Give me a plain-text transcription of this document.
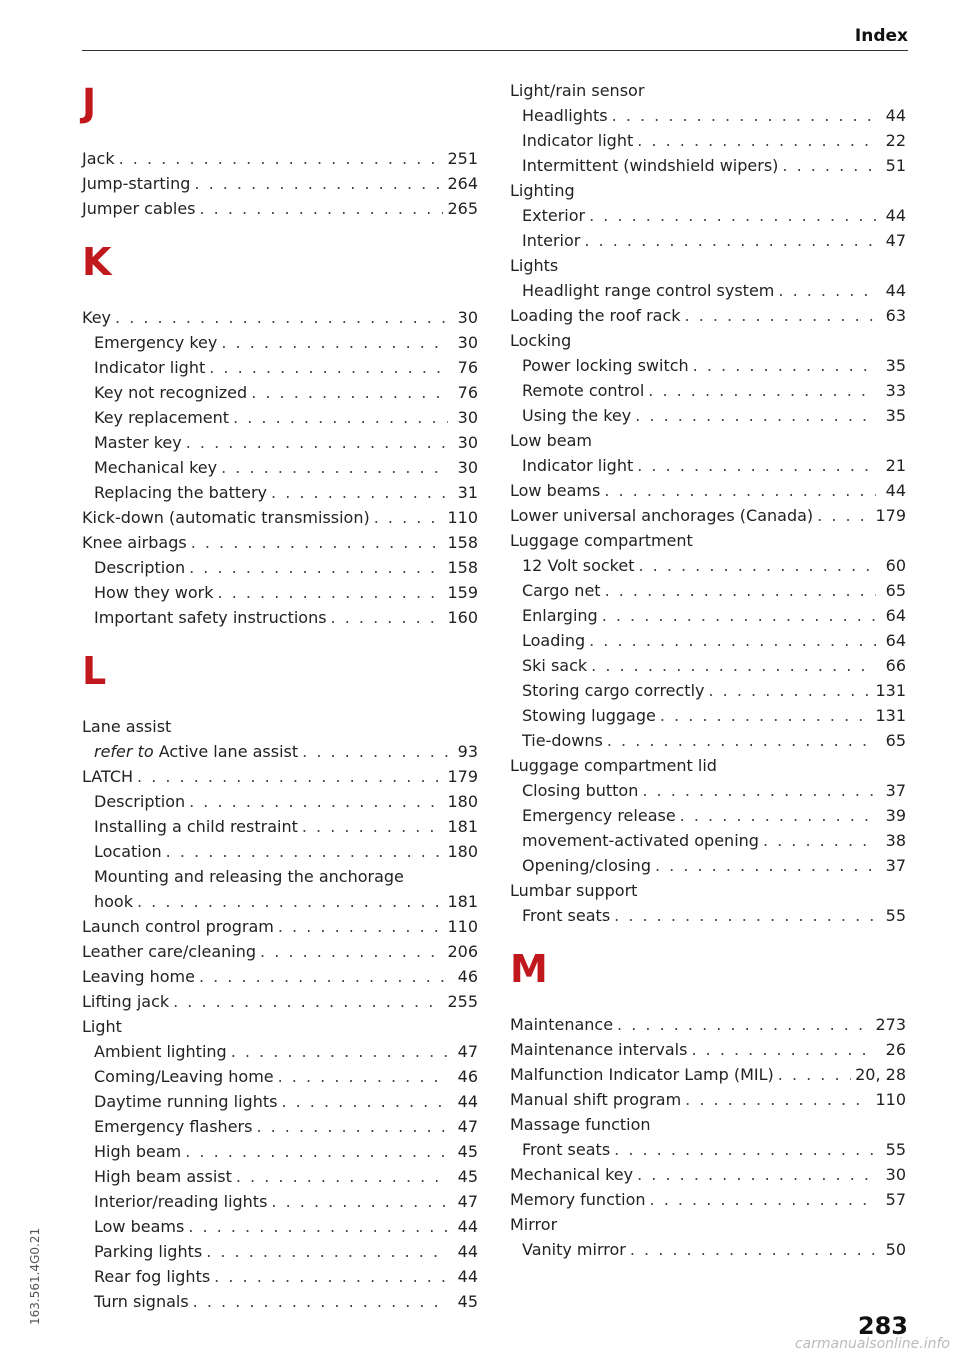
Index
J
Jack . . .	251
Jump-starting . . .	264
Jumper cables . . .	265
K
Key . . .	30
Emergency key . . .	30
Indicator light . . .	76
Key not recognized . . .	76
Key replacement . . .	30
Master key . . .	30
Mechanical key . . .	30
Replacing the battery . . .	31
Kick-down (automatic transmission) . . .	110
Knee airbags . . .	158
Description . . .	158
How they work . . .	159
Important safety instructions . . .	160
L
Lane assist
refer to Active lane assist . . .	93
LATCH . . .	179
Description . . .	180
Installing a child restraint . . .	181
Location . . .	180
Mounting and releasing the anchorage
hook . . .	181
Launch control program . . .	110
Leather care/cleaning . . .	206
Leaving home . . .	46
Lifting jack . . .	255
Light
Ambient lighting . . .	47
Coming/Leaving home . . .	46
Daytime running lights . . .	44
Emergency flashers . . .	47
High beam . . .	45
High beam assist . . .	45
Interior/reading lights . . .	47
Low beams . . .	44
Parking lights . . .	44
Rear fog lights . . .	44
Turn signals . . .	45
Light/rain sensor
Headlights . . .	44
Indicator light . . .	22
Intermittent (windshield wipers) . . .	51
Lighting
Exterior . . .	44
Interior . . .	47
Lights
Headlight range control system . . .	44
Loading the roof rack . . .	63
Locking
Power locking switch . . .	35
Remote control . . .	33
Using the key . . .	35
Low beam
Indicator light . . .	21
Low beams . . .	44
Lower universal anchorages (Canada) . . .	179
Luggage compartment
12 Volt socket . . .	60
Cargo net . . .	65
Enlarging . . .	64
Loading . . .	64
Ski sack . . .	66
Storing cargo correctly . . .	131
Stowing luggage . . .	131
Tie-downs . . .	65
Luggage compartment lid
Closing button . . .	37
Emergency release . . .	39
movement-activated opening . . .	38
Opening/closing . . .	37
Lumbar support
Front seats . . .	55
M
Maintenance . . .	273
Maintenance intervals . . .	26
Malfunction Indicator Lamp (MIL) . . .	20, 28
Manual shift program . . .	110
Massage function
Front seats . . .	55
Mechanical key . . .	30
Memory function . . .	57
Mirror
Vanity mirror . . .	50
163.561.4G0.21
283
carmanualsonline.info
